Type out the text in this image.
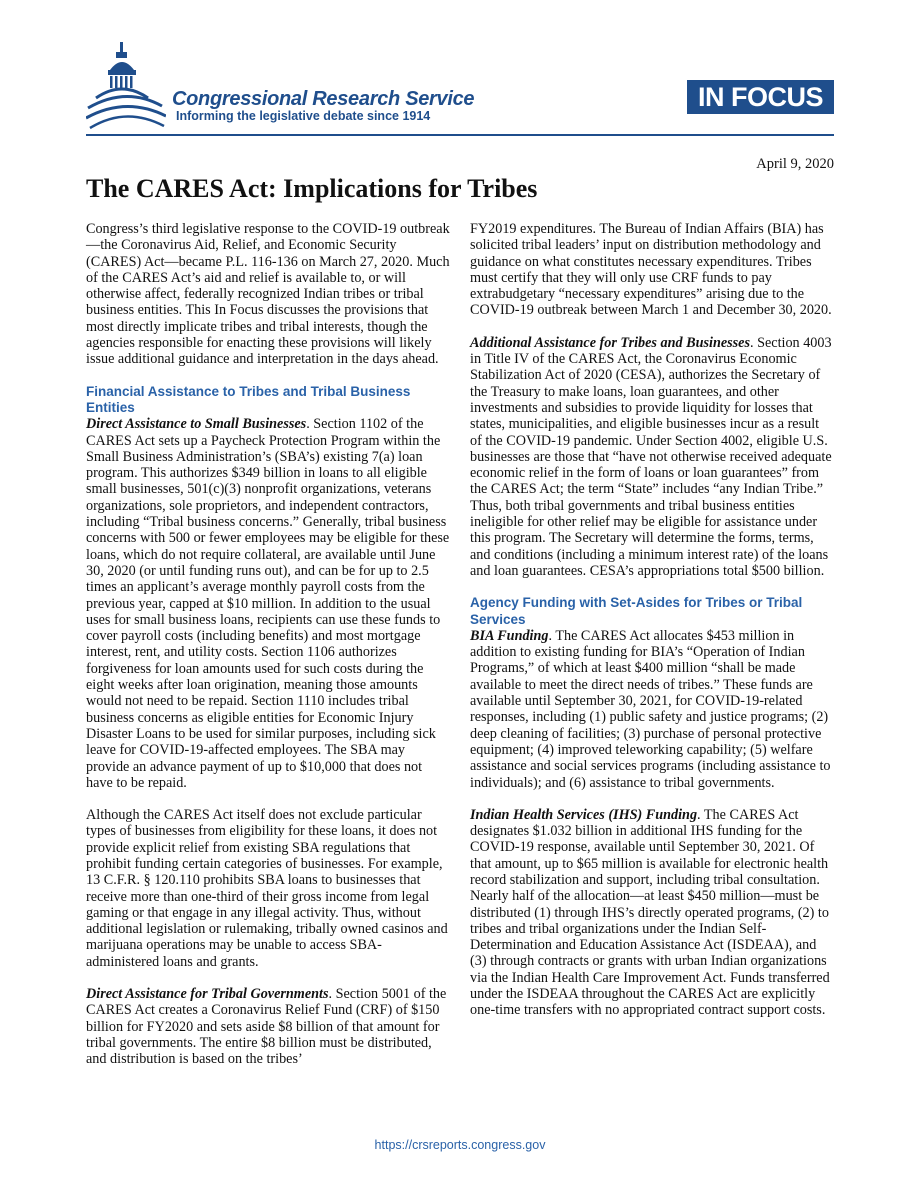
Congressional Research Service
Informing the legislative debate since 1914
IN FOCUS
April 9, 2020
The CARES Act: Implications for Tribes

Congress’s third legislative response to the COVID-19 outbreak—the Coronavirus Aid, Relief, and Economic Security (CARES) Act—became P.L. 116-136 on March 27, 2020. Much of the CARES Act’s aid and relief is available to, or will otherwise affect, federally recognized Indian tribes or tribal business entities. This In Focus discusses the provisions that most directly implicate tribes and tribal interests, though the agencies responsible for enacting these provisions will likely issue additional guidance and interpretation in the days ahead.

Financial Assistance to Tribes and Tribal Business Entities

Direct Assistance to Small Businesses. Section 1102 of the CARES Act sets up a Paycheck Protection Program within the Small Business Administration’s (SBA’s) existing 7(a) loan program. This authorizes $349 billion in loans to all eligible small businesses, 501(c)(3) nonprofit organizations, veterans organizations, sole proprietors, and independent contractors, including “Tribal business concerns.” Generally, tribal business concerns with 500 or fewer employees may be eligible for these loans, which do not require collateral, are available until June 30, 2020 (or until funding runs out), and can be for up to 2.5 times an applicant’s average monthly payroll costs from the previous year, capped at $10 million. In addition to the usual uses for small business loans, recipients can use these funds to cover payroll costs (including benefits) and most mortgage interest, rent, and utility costs. Section 1106 authorizes forgiveness for loan amounts used for such costs during the eight weeks after loan origination, meaning those amounts would not need to be repaid. Section 1110 includes tribal business concerns as eligible entities for Economic Injury Disaster Loans to be used for similar purposes, including sick leave for COVID-19-affected employees. The SBA may provide an advance payment of up to $10,000 that does not have to be repaid.

Although the CARES Act itself does not exclude particular types of businesses from eligibility for these loans, it does not provide explicit relief from existing SBA regulations that prohibit funding certain categories of businesses. For example, 13 C.F.R. § 120.110 prohibits SBA loans to businesses that receive more than one-third of their gross income from legal gaming or that engage in any illegal activity. Thus, without additional legislation or rulemaking, tribally owned casinos and marijuana operations may be unable to access SBA-administered loans and grants.

Direct Assistance for Tribal Governments. Section 5001 of the CARES Act creates a Coronavirus Relief Fund (CRF) of $150 billion for FY2020 and sets aside $8 billion of that amount for tribal governments. The entire $8 billion must be distributed, and distribution is based on the tribes’

FY2019 expenditures. The Bureau of Indian Affairs (BIA) has solicited tribal leaders’ input on distribution methodology and guidance on what constitutes necessary expenditures. Tribes must certify that they will only use CRF funds to pay extrabudgetary “necessary expenditures” arising due to the COVID-19 outbreak between March 1 and December 30, 2020.

Additional Assistance for Tribes and Businesses. Section 4003 in Title IV of the CARES Act, the Coronavirus Economic Stabilization Act of 2020 (CESA), authorizes the Secretary of the Treasury to make loans, loan guarantees, and other investments and subsidies to provide liquidity for losses that states, municipalities, and eligible businesses incur as a result of the COVID-19 pandemic. Under Section 4002, eligible U.S. businesses are those that “have not otherwise received adequate economic relief in the form of loans or loan guarantees” from the CARES Act; the term “State” includes “any Indian Tribe.” Thus, both tribal governments and tribal business entities ineligible for other relief may be eligible for assistance under this program. The Secretary will determine the forms, terms, and conditions (including a minimum interest rate) of the loans and loan guarantees. CESA’s appropriations total $500 billion.

Agency Funding with Set-Asides for Tribes or Tribal Services

BIA Funding. The CARES Act allocates $453 million in addition to existing funding for BIA’s “Operation of Indian Programs,” of which at least $400 million “shall be made available to meet the direct needs of tribes.” These funds are available until September 30, 2021, for COVID-19-related responses, including (1) public safety and justice programs; (2) deep cleaning of facilities; (3) purchase of personal protective equipment; (4) improved teleworking capability; (5) welfare assistance and social services programs (including assistance to individuals); and (6) assistance to tribal governments.

Indian Health Services (IHS) Funding. The CARES Act designates $1.032 billion in additional IHS funding for the COVID-19 response, available until September 30, 2021. Of that amount, up to $65 million is available for electronic health record stabilization and support, including tribal consultation. Nearly half of the allocation—at least $450 million—must be distributed (1) through IHS’s directly operated programs, (2) to tribes and tribal organizations under the Indian Self-Determination and Education Assistance Act (ISDEAA), and (3) through contracts or grants with urban Indian organizations via the Indian Health Care Improvement Act. Funds transferred under the ISDEAA throughout the CARES Act are explicitly one-time transfers with no appropriated contract support costs.

https://crsreports.congress.gov
